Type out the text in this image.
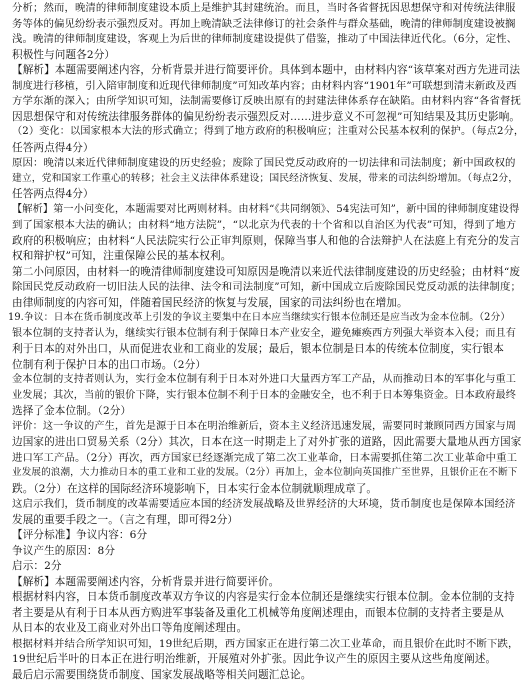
分析；然而，晚清的律师制度建设本质上是维护其封建统治。而且，当时各省督抚因思想保守和对传统法律服
务等体的偏见纷纷表示强烈反对。再加上晚清缺乏法律修订的社会条件与群众基础，晚清的律师制度建设被搁
浅。晚清的律师制度建设，客观上为后世的律师制度建设提供了借鉴，推动了中国法律近代化。（6分，定性、
积极性与问题各2分）
【解析】本题需要阐述内容，分析背景并进行简要评价。具体到本题中，由材料内容“该草案对西方先进司法
制度进行移植，引入陪审制度和近现代律师制度”可知改革内容；由材料内容“1901年”可联想到清末新政及西
方学东渐的深入；由所学知识可知，法制需要修订反映出原有的封建法律体系存在缺陷。由材料内容“各省督抚
因思想保守和对传统法律服务群体的偏见纷纷表示强烈反对……进步意义不可忽视”可知结果及其历史影响。
（2）变化：以国家根本大法的形式确立；得到了地方政府的积极响应；注重对公民基本权利的保护。（每点2分，
任答两点得4分）
原因：晚清以来近代律师制度建设的历史经验；废除了国民党反动政府的一切法律和司法制度；新中国政权的
建立，党和国家工作重心的转移；社会主义法律体系建设；国民经济恢复、发展，带来的司法纠纷增加。（每点2分，
任答两点得4分）
【解析】第一小问变化，本题需要对比两则材料。由材料“《共同纲领》、54宪法可知”，新中国的律师制度建设得
到了国家根本大法的确认；由材料“地方法院”，“以北京为代表的十个省和以自治区为代表”可知，得到了地方
政府的积极响应；由材料“人民法院实行公正审判原则，保障当事人和他的合法辩护人在法庭上有充分的发言
权和辩护权”可知，注重保障公民的基本权利。
第二小问原因，由材料一的晚清律师制度建设可知原因是晚清以来近代法律制度建设的历史经验；由材料“废
除国民党反动政府一切旧法人民的法律、法令和司法制度”可知，新中国成立后废除国民党反动派的法律制度；
由律师制度的内容可知，伴随着国民经济的恢复与发展，国家的司法纠纷也在增加。
19.争议：日本在货币制度改革上引发的争议主要集中在日本应当继续实行银本位制还是应当改为金本位制。（2分）
银本位制的支持者认为，继续实行银本位制有利于保障日本产业安全，避免瘫痪西方列强大举资本入侵；而且有
利于日本的对外出口，从而促进农业和工商业的发展；最后，银本位制是日本的传统本位制度，实行银本
位制有利于保护日本的出口市场。（2分）
金本位制的支持者则认为，实行金本位制有利于日本对外进口大量西方军工产品，从而推动日本的军事化与重工
业发展；其次，当前的银价下降，实行银本位制不利于日本的金融安全，也不利于日本筹集资金。日本政府最终
选择了金本位制。（2分）
评价：这一争议的产生，首先是源于日本在明治维新后，资本主义经济迅速发展，需要同时兼顾同西方国家与周
边国家的进出口贸易关系（2分）其次，日本在这一时期走上了对外扩张的道路，因此需要大量地从西方国家
进口军工产品。（2分）再次，西方国家已经逐渐完成了第二次工业革命，日本需要抓住第二次工业革命中重工
业发展的浪潮，大力推动日本的重工业和工业的发展。（2分）再加上，金本位制向英国推广至世界，且银价正在不断下
跌。（2分）在这样的国际经济环境影响下，日本实行金本位制就顺理成章了。
这启示我们，货币制度的改革需要适应本国的经济发展战略及世界经济的大环境，货币制度也是保障本国经济
发展的重要手段之一。（言之有理，即可得2分）
【评分标准】争议内容：6分
争议产生的原因：8分
启示：2分
【解析】本题需要阐述内容，分析背景并进行简要评价。
根据材料内容，日本货币制度改革双方争议的内容是实行金本位制还是继续实行银本位制。金本位制的支持
者主要是从有利于日本从西方购进军事装备及重化工机械等角度阐述理由，而银本位制的支持者主要是从
从日本的农业及工商业对外出口等角度阐述理由。
根据材料并结合所学知识可知，19世纪后期，西方国家正在进行第二次工业革命，而且银价在此时不断下跌，
19世纪后半叶的日本正在进行明治维新，开展殖对外扩张。因此争议产生的原因主要从这些角度阐述。
最后启示需要围绕货币制度、国家发展战略等相关问题汇总论。
